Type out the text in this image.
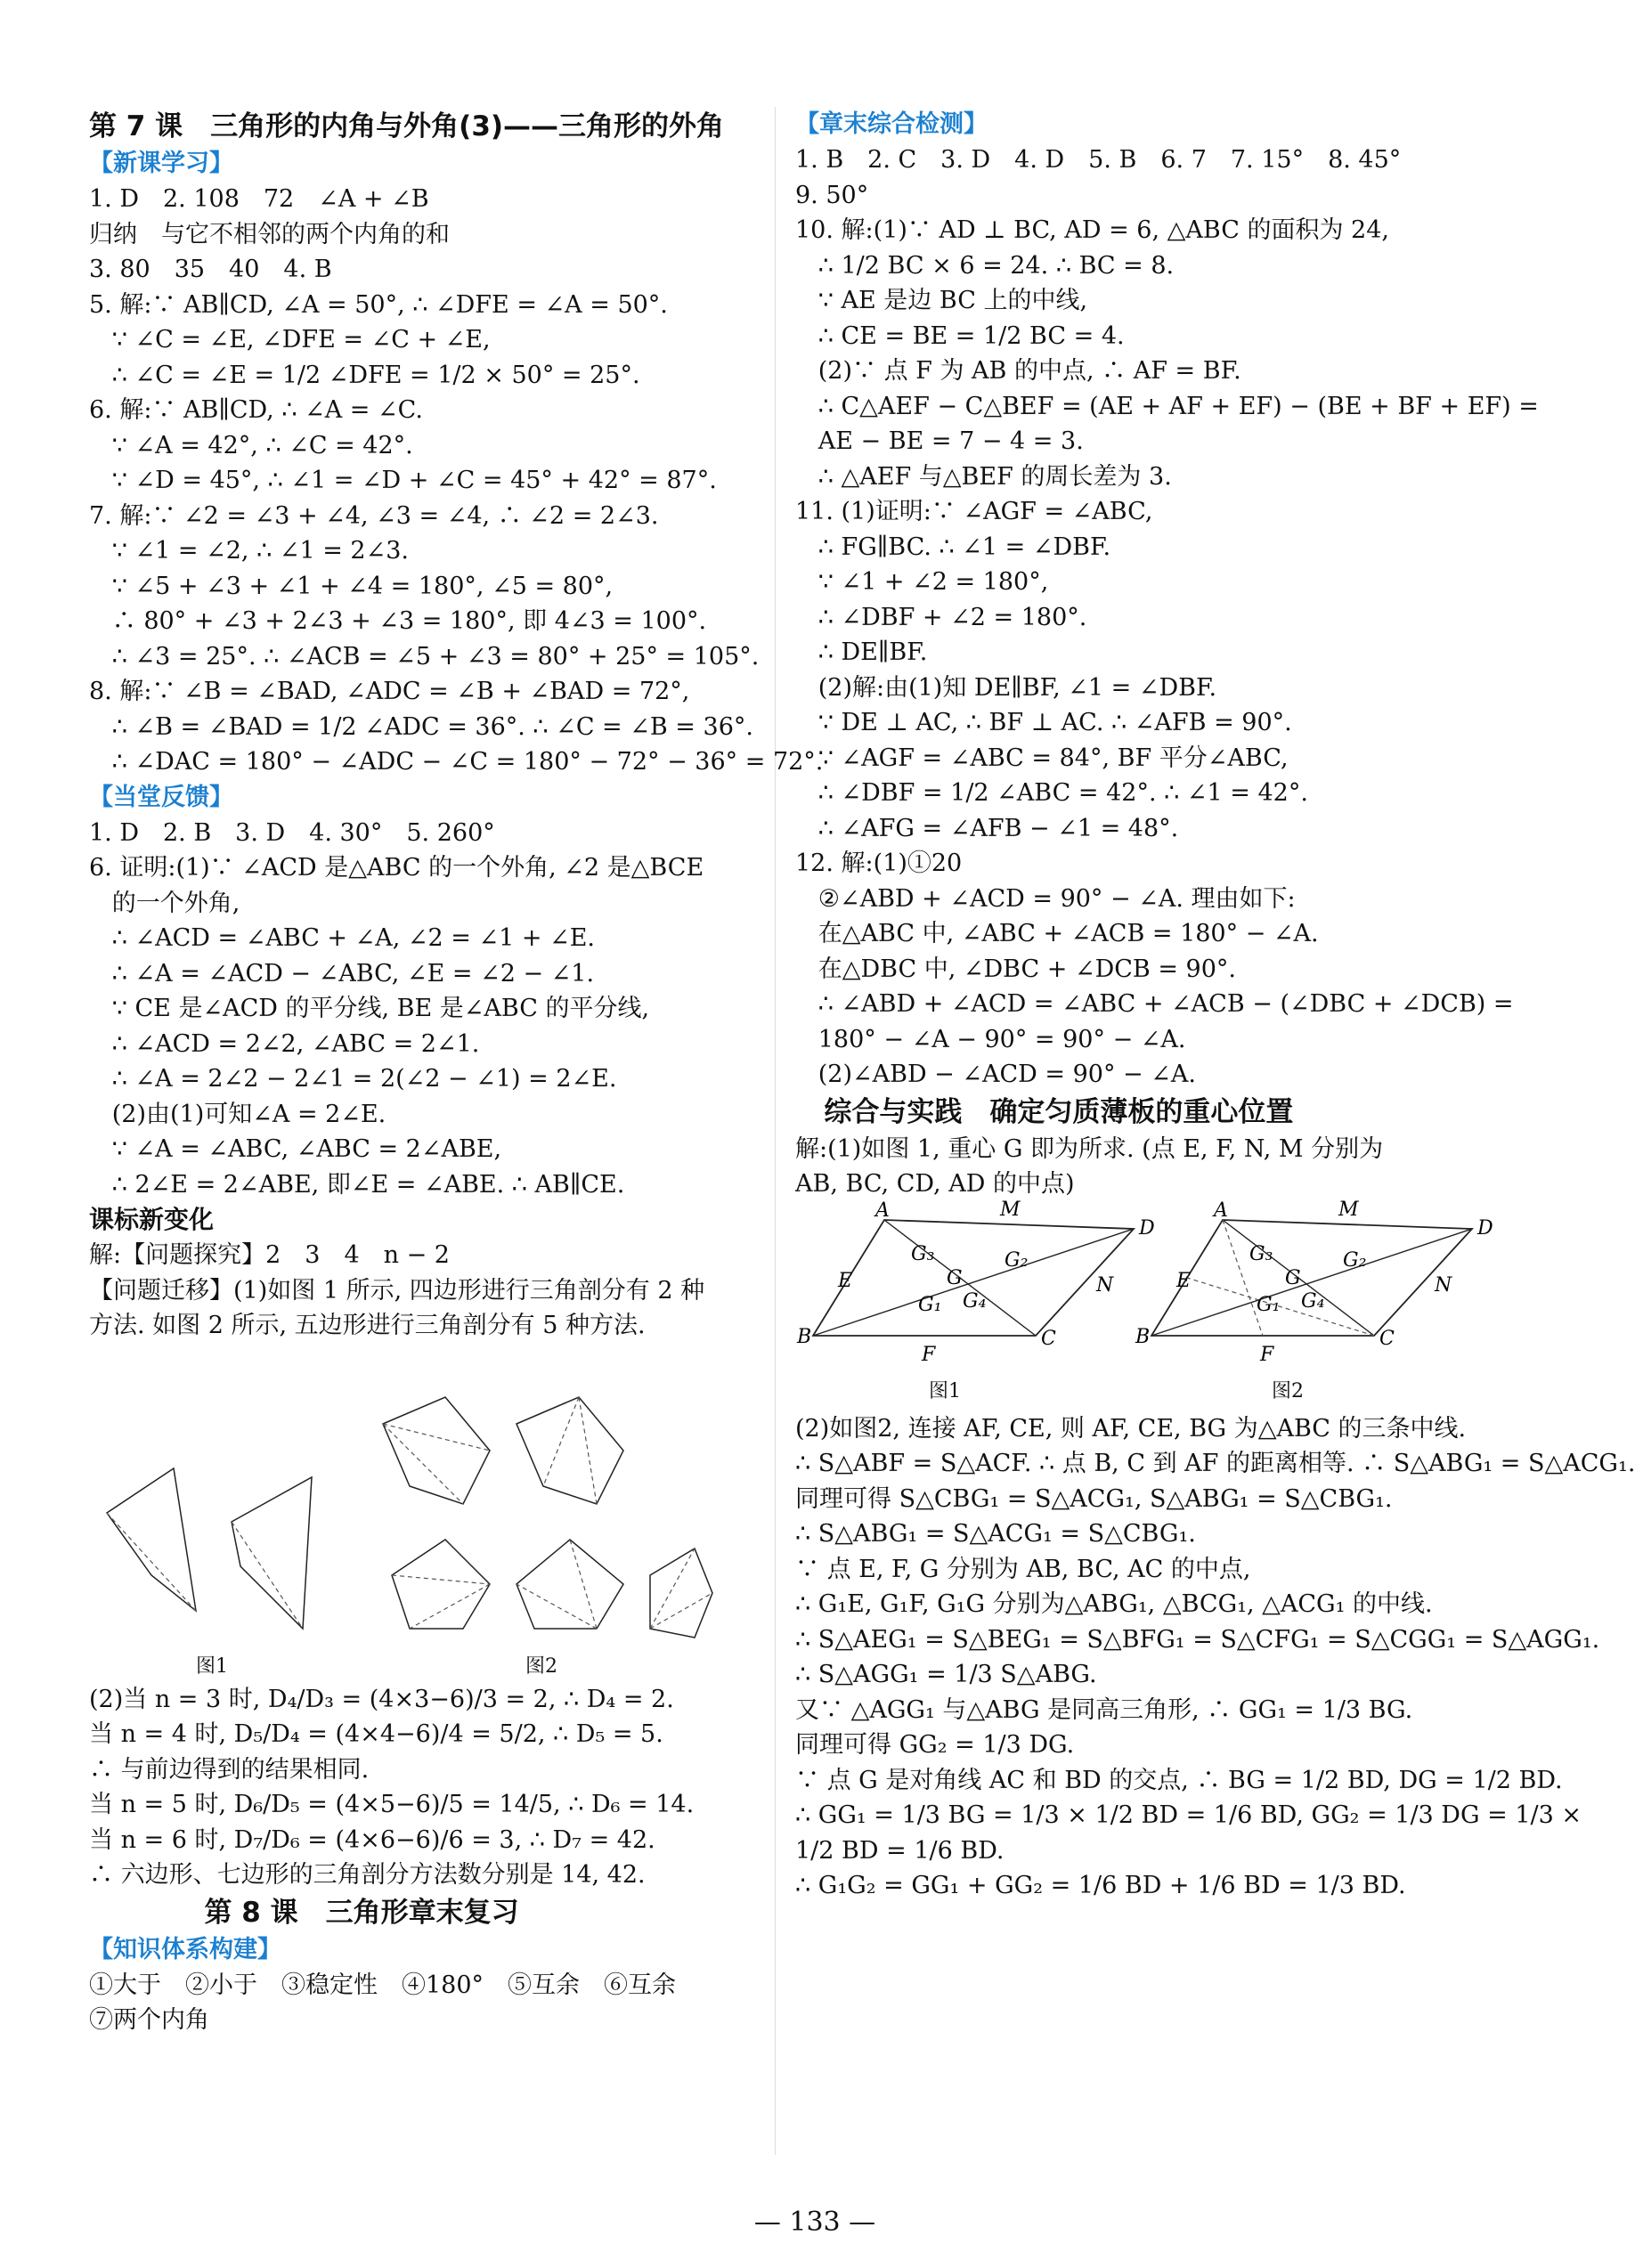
第 7 课　三角形的内角与外角(3)——三角形的外角
【新课学习】
1. D　2. 108　72　∠A + ∠B
归纳　与它不相邻的两个内角的和
3. 80　35　40　4. B
5. 解:∵ AB∥CD, ∠A = 50°, ∴ ∠DFE = ∠A = 50°.
∵ ∠C = ∠E, ∠DFE = ∠C + ∠E,
∴ ∠C = ∠E = 1/2 ∠DFE = 1/2 × 50° = 25°.
6. 解:∵ AB∥CD, ∴ ∠A = ∠C.
∵ ∠A = 42°, ∴ ∠C = 42°.
∵ ∠D = 45°, ∴ ∠1 = ∠D + ∠C = 45° + 42° = 87°.
7. 解:∵ ∠2 = ∠3 + ∠4, ∠3 = ∠4, ∴ ∠2 = 2∠3.
∵ ∠1 = ∠2, ∴ ∠1 = 2∠3.
∵ ∠5 + ∠3 + ∠1 + ∠4 = 180°, ∠5 = 80°,
∴ 80° + ∠3 + 2∠3 + ∠3 = 180°, 即 4∠3 = 100°.
∴ ∠3 = 25°. ∴ ∠ACB = ∠5 + ∠3 = 80° + 25° = 105°.
8. 解:∵ ∠B = ∠BAD, ∠ADC = ∠B + ∠BAD = 72°,
∴ ∠B = ∠BAD = 1/2 ∠ADC = 36°. ∴ ∠C = ∠B = 36°.
∴ ∠DAC = 180° − ∠ADC − ∠C = 180° − 72° − 36° = 72°.
【当堂反馈】
1. D　2. B　3. D　4. 30°　5. 260°
6. 证明:(1)∵ ∠ACD 是△ABC 的一个外角, ∠2 是△BCE
的一个外角,
∴ ∠ACD = ∠ABC + ∠A, ∠2 = ∠1 + ∠E.
∴ ∠A = ∠ACD − ∠ABC, ∠E = ∠2 − ∠1.
∵ CE 是∠ACD 的平分线, BE 是∠ABC 的平分线,
∴ ∠ACD = 2∠2, ∠ABC = 2∠1.
∴ ∠A = 2∠2 − 2∠1 = 2(∠2 − ∠1) = 2∠E.
(2)由(1)可知∠A = 2∠E.
∵ ∠A = ∠ABC, ∠ABC = 2∠ABE,
∴ 2∠E = 2∠ABE, 即∠E = ∠ABE. ∴ AB∥CE.
课标新变化
解:【问题探究】2　3　4　n − 2
【问题迁移】(1)如图 1 所示, 四边形进行三角剖分有 2 种
方法. 如图 2 所示, 五边形进行三角剖分有 5 种方法.
图1	图2
(2)当 n = 3 时, D₄/D₃ = (4×3−6)/3 = 2, ∴ D₄ = 2.
当 n = 4 时, D₅/D₄ = (4×4−6)/4 = 5/2, ∴ D₅ = 5.
∴ 与前边得到的结果相同.
当 n = 5 时, D₆/D₅ = (4×5−6)/5 = 14/5, ∴ D₆ = 14.
当 n = 6 时, D₇/D₆ = (4×6−6)/6 = 3, ∴ D₇ = 42.
∴ 六边形、七边形的三角剖分方法数分别是 14, 42.
第 8 课　三角形章末复习
【知识体系构建】
①大于　②小于　③稳定性　④180°　⑤互余　⑥互余
⑦两个内角
【章末综合检测】
1. B　2. C　3. D　4. D　5. B　6. 7　7. 15°　8. 45°
9. 50°
10. 解:(1)∵ AD ⊥ BC, AD = 6, △ABC 的面积为 24,
∴ 1/2 BC × 6 = 24. ∴ BC = 8.
∵ AE 是边 BC 上的中线,
∴ CE = BE = 1/2 BC = 4.
(2)∵ 点 F 为 AB 的中点, ∴ AF = BF.
∴ C△AEF − C△BEF = (AE + AF + EF) − (BE + BF + EF) =
AE − BE = 7 − 4 = 3.
∴ △AEF 与△BEF 的周长差为 3.
11. (1)证明:∵ ∠AGF = ∠ABC,
∴ FG∥BC. ∴ ∠1 = ∠DBF.
∵ ∠1 + ∠2 = 180°,
∴ ∠DBF + ∠2 = 180°.
∴ DE∥BF.
(2)解:由(1)知 DE∥BF, ∠1 = ∠DBF.
∵ DE ⊥ AC, ∴ BF ⊥ AC. ∴ ∠AFB = 90°.
∵ ∠AGF = ∠ABC = 84°, BF 平分∠ABC,
∴ ∠DBF = 1/2 ∠ABC = 42°. ∴ ∠1 = 42°.
∴ ∠AFG = ∠AFB − ∠1 = 48°.
12. 解:(1)①20
②∠ABD + ∠ACD = 90° − ∠A. 理由如下:
在△ABC 中, ∠ABC + ∠ACB = 180° − ∠A.
在△DBC 中, ∠DBC + ∠DCB = 90°.
∴ ∠ABD + ∠ACD = ∠ABC + ∠ACB − (∠DBC + ∠DCB) =
180° − ∠A − 90° = 90° − ∠A.
(2)∠ABD − ∠ACD = 90° − ∠A.
综合与实践　确定匀质薄板的重心位置
解:(1)如图 1, 重心 G 即为所求. (点 E, F, N, M 分别为
AB, BC, CD, AD 的中点)
A
D
C
B
M
E
F
N
G
G₃	G₂
G₁ G₄
A
D
C
B
M
E
F
N
G
G₃	G₂
G₁ G₄
图1	图2
(2)如图2, 连接 AF, CE, 则 AF, CE, BG 为△ABC 的三条中线.
∴ S△ABF = S△ACF. ∴ 点 B, C 到 AF 的距离相等. ∴ S△ABG₁ = S△ACG₁.
同理可得 S△CBG₁ = S△ACG₁, S△ABG₁ = S△CBG₁.
∴ S△ABG₁ = S△ACG₁ = S△CBG₁.
∵ 点 E, F, G 分别为 AB, BC, AC 的中点,
∴ G₁E, G₁F, G₁G 分别为△ABG₁, △BCG₁, △ACG₁ 的中线.
∴ S△AEG₁ = S△BEG₁ = S△BFG₁ = S△CFG₁ = S△CGG₁ = S△AGG₁.
∴ S△AGG₁ = 1/3 S△ABG.
又∵ △AGG₁ 与△ABG 是同高三角形, ∴ GG₁ = 1/3 BG.
同理可得 GG₂ = 1/3 DG.
∵ 点 G 是对角线 AC 和 BD 的交点, ∴ BG = 1/2 BD, DG = 1/2 BD.
∴ GG₁ = 1/3 BG = 1/3 × 1/2 BD = 1/6 BD, GG₂ = 1/3 DG = 1/3 ×
1/2 BD = 1/6 BD.
∴ G₁G₂ = GG₁ + GG₂ = 1/6 BD + 1/6 BD = 1/3 BD.
— 133 —
